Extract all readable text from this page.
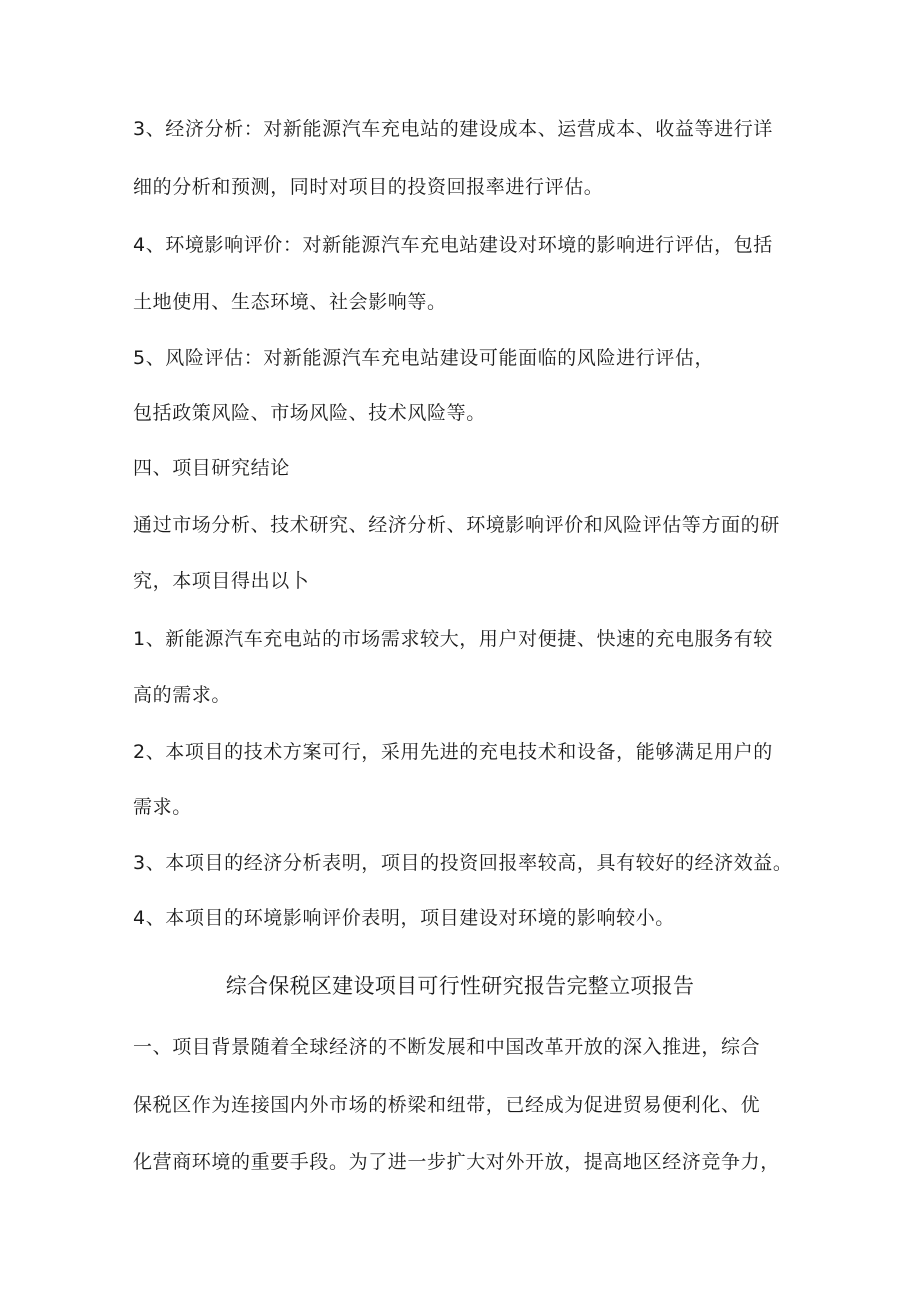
3、经济分析：对新能源汽车充电站的建设成本、运营成本、收益等进行详
细的分析和预测，同时对项目的投资回报率进行评估。
4、环境影响评价：对新能源汽车充电站建设对环境的影响进行评估，包括
土地使用、生态环境、社会影响等。
5、风险评估：对新能源汽车充电站建设可能面临的风险进行评估，
包括政策风险、市场风险、技术风险等。
四、项目研究结论
通过市场分析、技术研究、经济分析、环境影响评价和风险评估等方面的研
究，本项目得出以卜
1、新能源汽车充电站的市场需求较大，用户对便捷、快速的充电服务有较
高的需求。
2、本项目的技术方案可行，采用先进的充电技术和设备，能够满足用户的
需求。
3、本项目的经济分析表明，项目的投资回报率较高，具有较好的经济效益。
4、本项目的环境影响评价表明，项目建设对环境的影响较小。
综合保税区建设项目可行性研究报告完整立项报告
一、项目背景随着全球经济的不断发展和中国改革开放的深入推进，综合
保税区作为连接国内外市场的桥梁和纽带，已经成为促进贸易便利化、优
化营商环境的重要手段。为了进一步扩大对外开放，提高地区经济竞争力，
